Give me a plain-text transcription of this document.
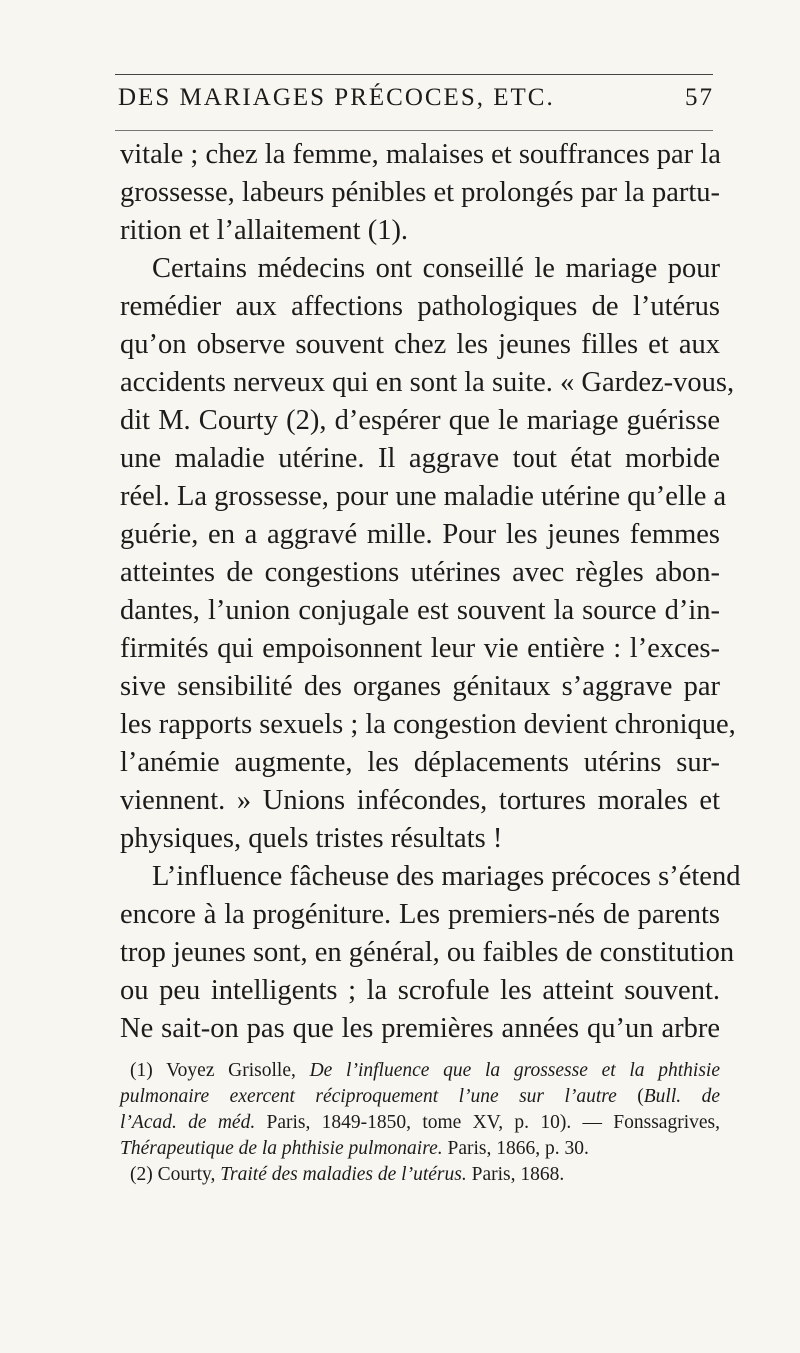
DES MARIAGES PRÉCOCES, ETC.	57
vitale ; chez la femme, malaises et souffrances par la
grossesse, labeurs pénibles et prolongés par la partu-
rition et l’allaitement (1).
Certains médecins ont conseillé le mariage pour
remédier aux affections pathologiques de l’utérus
qu’on observe souvent chez les jeunes filles et aux
accidents nerveux qui en sont la suite. « Gardez-vous,
dit M. Courty (2), d’espérer que le mariage guérisse
une maladie utérine. Il aggrave tout état morbide
réel. La grossesse, pour une maladie utérine qu’elle a
guérie, en a aggravé mille. Pour les jeunes femmes
atteintes de congestions utérines avec règles abon-
dantes, l’union conjugale est souvent la source d’in-
firmités qui empoisonnent leur vie entière : l’exces-
sive sensibilité des organes génitaux s’aggrave par
les rapports sexuels ; la congestion devient chronique,
l’anémie augmente, les déplacements utérins sur-
viennent. » Unions infécondes, tortures morales et
physiques, quels tristes résultats !
L’influence fâcheuse des mariages précoces s’étend
encore à la progéniture. Les premiers-nés de parents
trop jeunes sont, en général, ou faibles de constitution
ou peu intelligents ; la scrofule les atteint souvent.
Ne sait-on pas que les premières années qu’un arbre
(1) Voyez Grisolle, De l’influence que la grossesse et la phthisie
pulmonaire exercent réciproquement l’une sur l’autre (Bull. de
l’Acad. de méd. Paris, 1849-1850, tome XV, p. 10). — Fonssagrives,
Thérapeutique de la phthisie pulmonaire. Paris, 1866, p. 30.
(2) Courty, Traité des maladies de l’utérus. Paris, 1868.
